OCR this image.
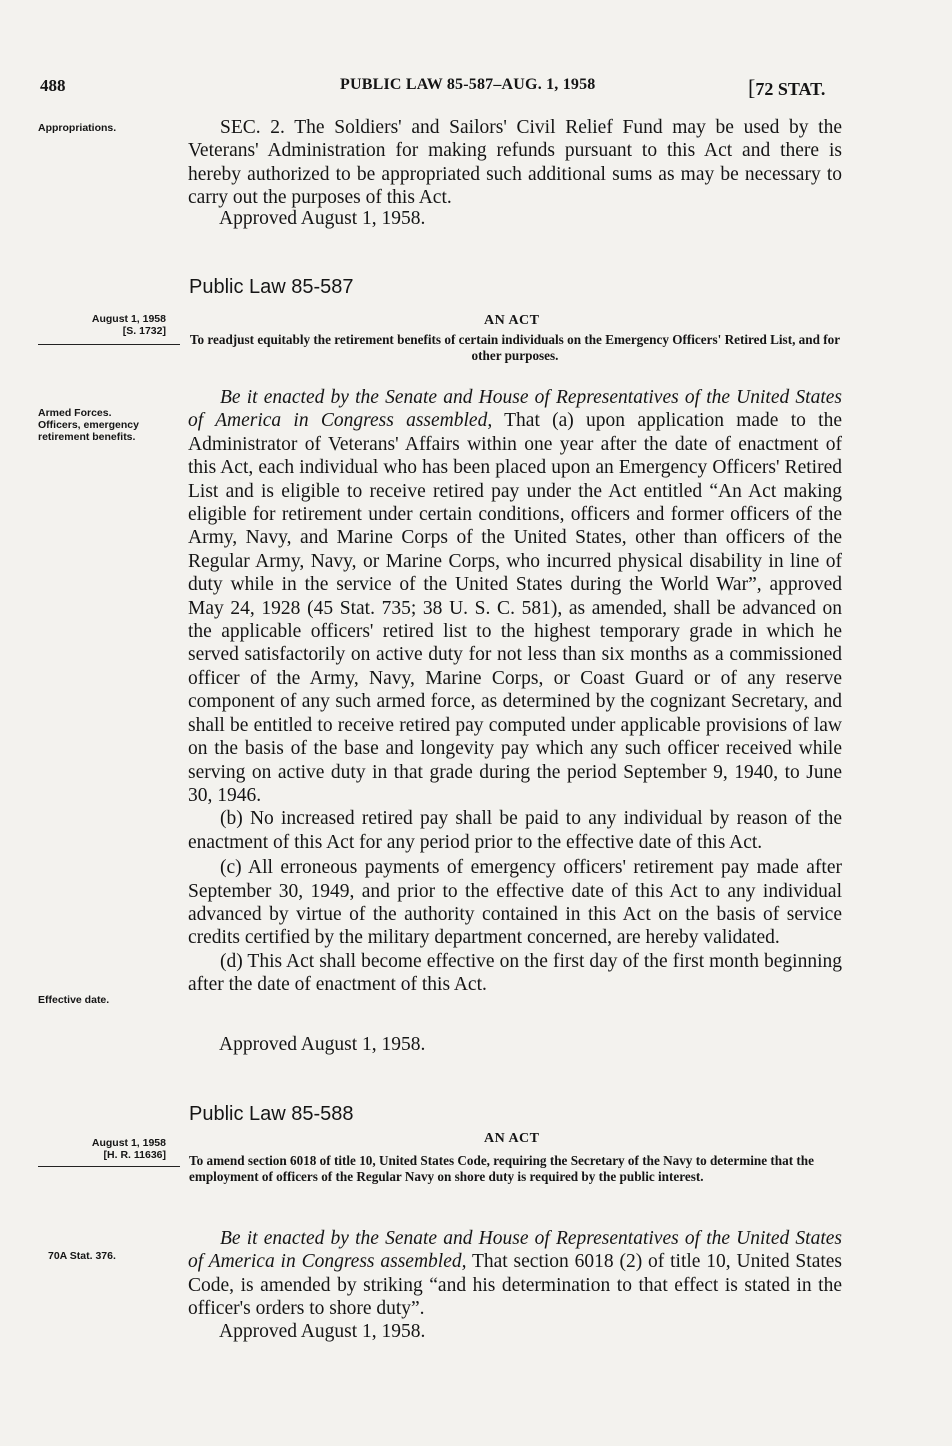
488	PUBLIC LAW 85-587–AUG. 1, 1958	[72 STAT.
Appropriations.	SEC. 2. The Soldiers' and Sailors' Civil Relief Fund may be used by the Veterans' Administration for making refunds pursuant to this Act and there is hereby authorized to be appropriated such additional sums as may be necessary to carry out the purposes of this Act.

Approved August 1, 1958.
Public Law 85-587
August 1, 1958
[S. 1732]
AN ACT
To readjust equitably the retirement benefits of certain individuals on the Emergency Officers' Retired List, and for other purposes.
Armed Forces.
Officers, emergency retirement benefits.

Be it enacted by the Senate and House of Representatives of the United States of America in Congress assembled, That (a) upon application made to the Administrator of Veterans' Affairs within one year after the date of enactment of this Act, each individual who has been placed upon an Emergency Officers' Retired List and is eligible to receive retired pay under the Act entitled “An Act making eligible for retirement under certain conditions, officers and former officers of the Army, Navy, and Marine Corps of the United States, other than officers of the Regular Army, Navy, or Marine Corps, who incurred physical disability in line of duty while in the service of the United States during the World War”, approved May 24, 1928 (45 Stat. 735; 38 U. S. C. 581), as amended, shall be advanced on the applicable officers' retired list to the highest temporary grade in which he served satisfactorily on active duty for not less than six months as a commissioned officer of the Army, Navy, Marine Corps, or Coast Guard or of any reserve component of any such armed force, as determined by the cognizant Secretary, and shall be entitled to receive retired pay computed under applicable provisions of law on the basis of the base and longevity pay which any such officer received while serving on active duty in that grade during the period September 9, 1940, to June 30, 1946.

(b) No increased retired pay shall be paid to any individual by reason of the enactment of this Act for any period prior to the effective date of this Act.

(c) All erroneous payments of emergency officers' retirement pay made after September 30, 1949, and prior to the effective date of this Act to any individual advanced by virtue of the authority contained in this Act on the basis of service credits certified by the military department concerned, are hereby validated.

(d) This Act shall become effective on the first day of the first month beginning after the date of enactment of this Act.

Effective date.
Approved August 1, 1958.
Public Law 85-588
August 1, 1958
[H. R. 11636]
AN ACT
To amend section 6018 of title 10, United States Code, requiring the Secretary of the Navy to determine that the employment of officers of the Regular Navy on shore duty is required by the public interest.
70A Stat. 376.

Be it enacted by the Senate and House of Representatives of the United States of America in Congress assembled, That section 6018 (2) of title 10, United States Code, is amended by striking “and his determination to that effect is stated in the officer's orders to shore duty”.

Approved August 1, 1958.
